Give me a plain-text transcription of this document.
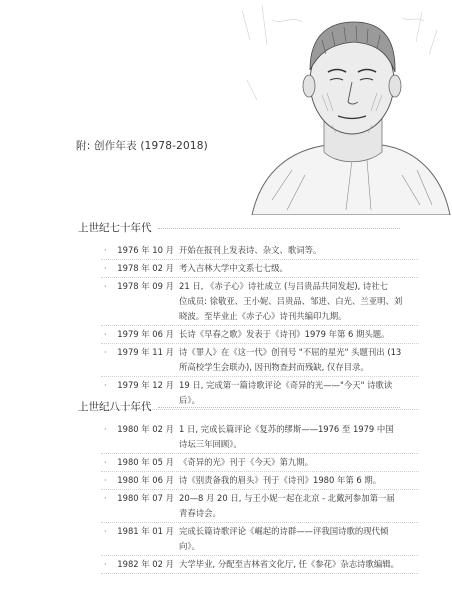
附: 创作年表 (1978-2018)
上世纪七十年代
·	1976 年 10 月 开始在报刊上发表诗、杂文、歌词等。
·	1978 年 02 月 考入吉林大学中文系七七级。
·	1978 年 09 月 21 日, 《赤子心》诗社成立 (与吕贵品共同发起), 诗社七
位成员: 徐敬亚、王小妮、吕贵品、邹进、白光、兰亚明、刘
晓波。至毕业止《赤子心》诗刊共编印九期。
·	1979 年 06 月 长诗《早春之歌》发表于《诗刊》1979 年第 6 期头题。
·	1979 年 11 月 诗《罪人》在《这一代》创刊号 "不屈的星光" 头题刊出 (13
所高校学生会联办), 因刊物查封而残缺, 仅存目录。
·	1979 年 12 月 19 日, 完成第一篇诗歌评论《奇异的光——"今天" 诗歌读
后》。
上世纪八十年代
·	1980 年 02 月 1 日, 完成长篇评论《复苏的缪斯——1976 至 1979 中国
诗坛三年回顾》。
·	1980 年 05 月 《奇异的光》刊于《今天》第九期。
·	1980 年 06 月 诗《别责备我的眉头》刊于《诗刊》1980 年第 6 期。
·	1980 年 07 月 20—8 月 20 日, 与王小妮一起在北京 - 北戴河参加第一届
青春诗会。
·	1981 年 01 月 完成长篇诗歌评论《崛起的诗群——评我国诗歌的现代倾
向》。
·	1982 年 02 月 大学毕业, 分配至吉林省文化厅, 任《参花》杂志诗歌编辑。
